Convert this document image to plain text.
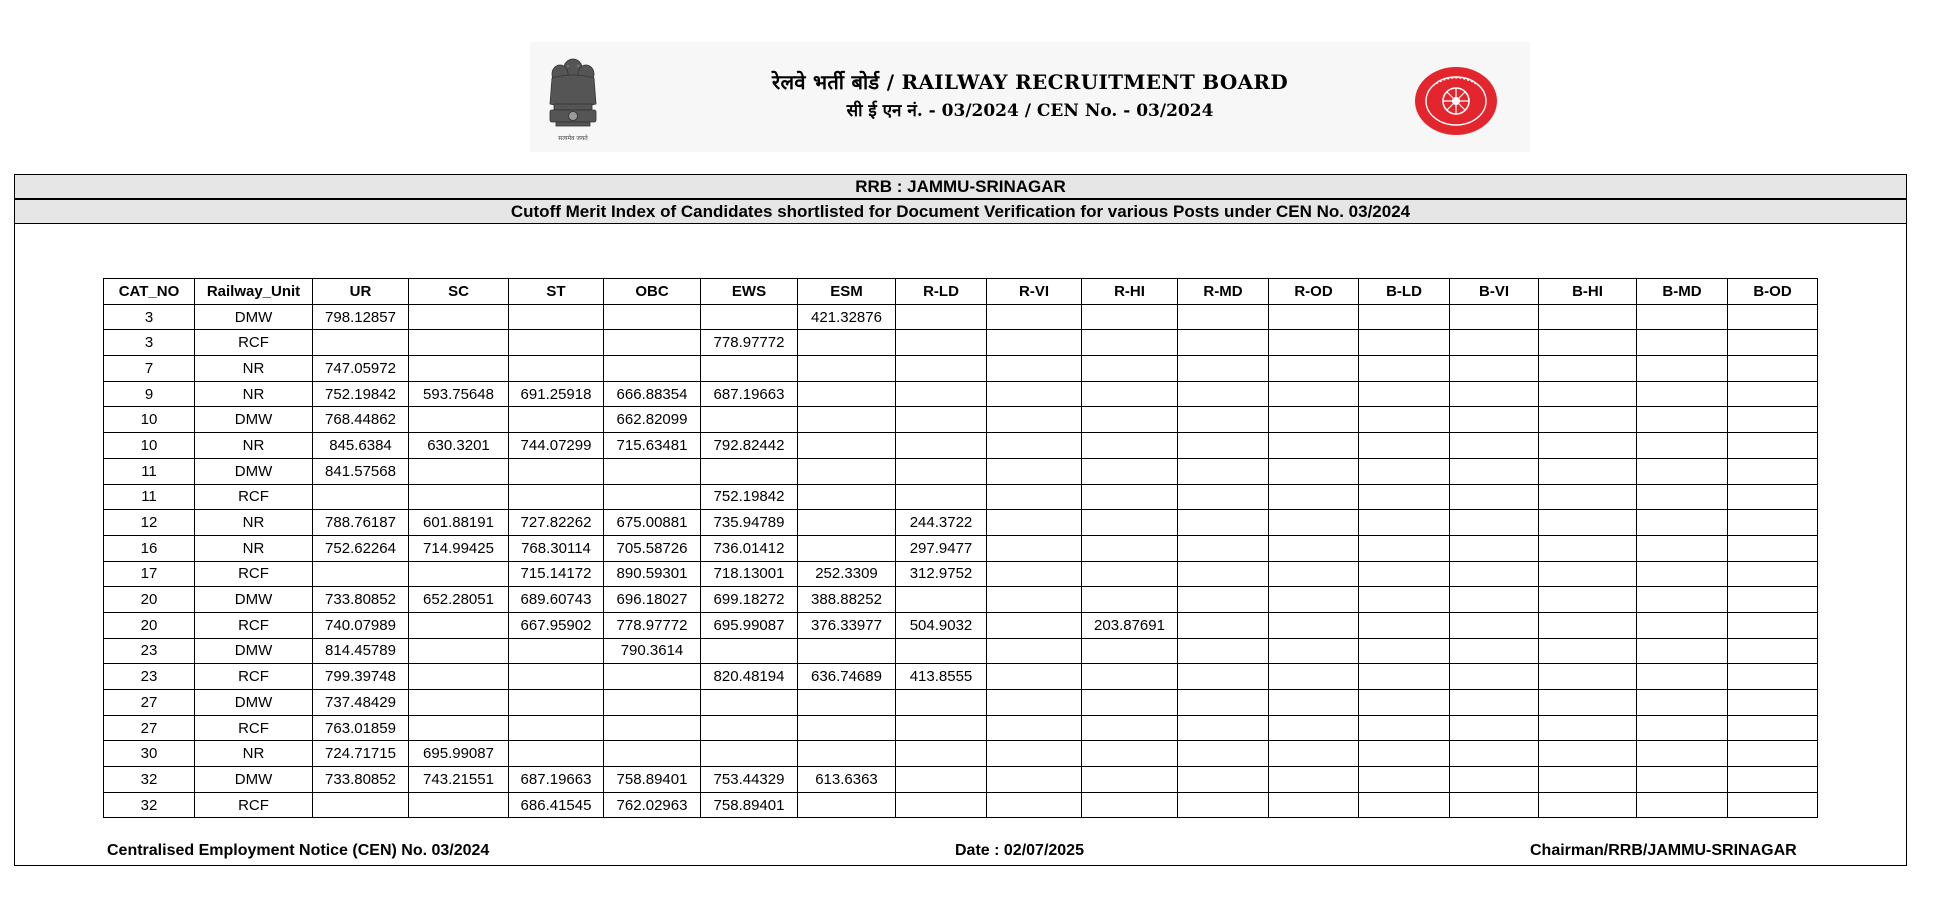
सत्यमेव जयते
रेलवे भर्ती बोर्ड / RAILWAY RECRUITMENT BOARD
सी ई एन नं. - 03/2024 / CEN No. - 03/2024
RRB : JAMMU-SRINAGAR
Cutoff Merit Index of Candidates shortlisted for Document Verification for various Posts under CEN No. 03/2024
CAT_NO	Railway_Unit	UR	SC	ST	OBC	EWS	ESM	R-LD	R-VI	R-HI	R-MD	R-OD	B-LD	B-VI	B-HI	B-MD	B-OD
3	DMW	798.12857					421.32876										
3	RCF					778.97772											
7	NR	747.05972															
9	NR	752.19842	593.75648	691.25918	666.88354	687.19663											
10	DMW	768.44862			662.82099												
10	NR	845.6384	630.3201	744.07299	715.63481	792.82442											
11	DMW	841.57568															
11	RCF					752.19842											
12	NR	788.76187	601.88191	727.82262	675.00881	735.94789		244.3722									
16	NR	752.62264	714.99425	768.30114	705.58726	736.01412		297.9477									
17	RCF			715.14172	890.59301	718.13001	252.3309	312.9752									
20	DMW	733.80852	652.28051	689.60743	696.18027	699.18272	388.88252										
20	RCF	740.07989		667.95902	778.97772	695.99087	376.33977	504.9032		203.87691							
23	DMW	814.45789			790.3614												
23	RCF	799.39748				820.48194	636.74689	413.8555									
27	DMW	737.48429															
27	RCF	763.01859															
30	NR	724.71715	695.99087														
32	DMW	733.80852	743.21551	687.19663	758.89401	753.44329	613.6363										
32	RCF			686.41545	762.02963	758.89401											
Centralised Employment Notice (CEN) No. 03/2024	Date : 02/07/2025	Chairman/RRB/JAMMU-SRINAGAR
